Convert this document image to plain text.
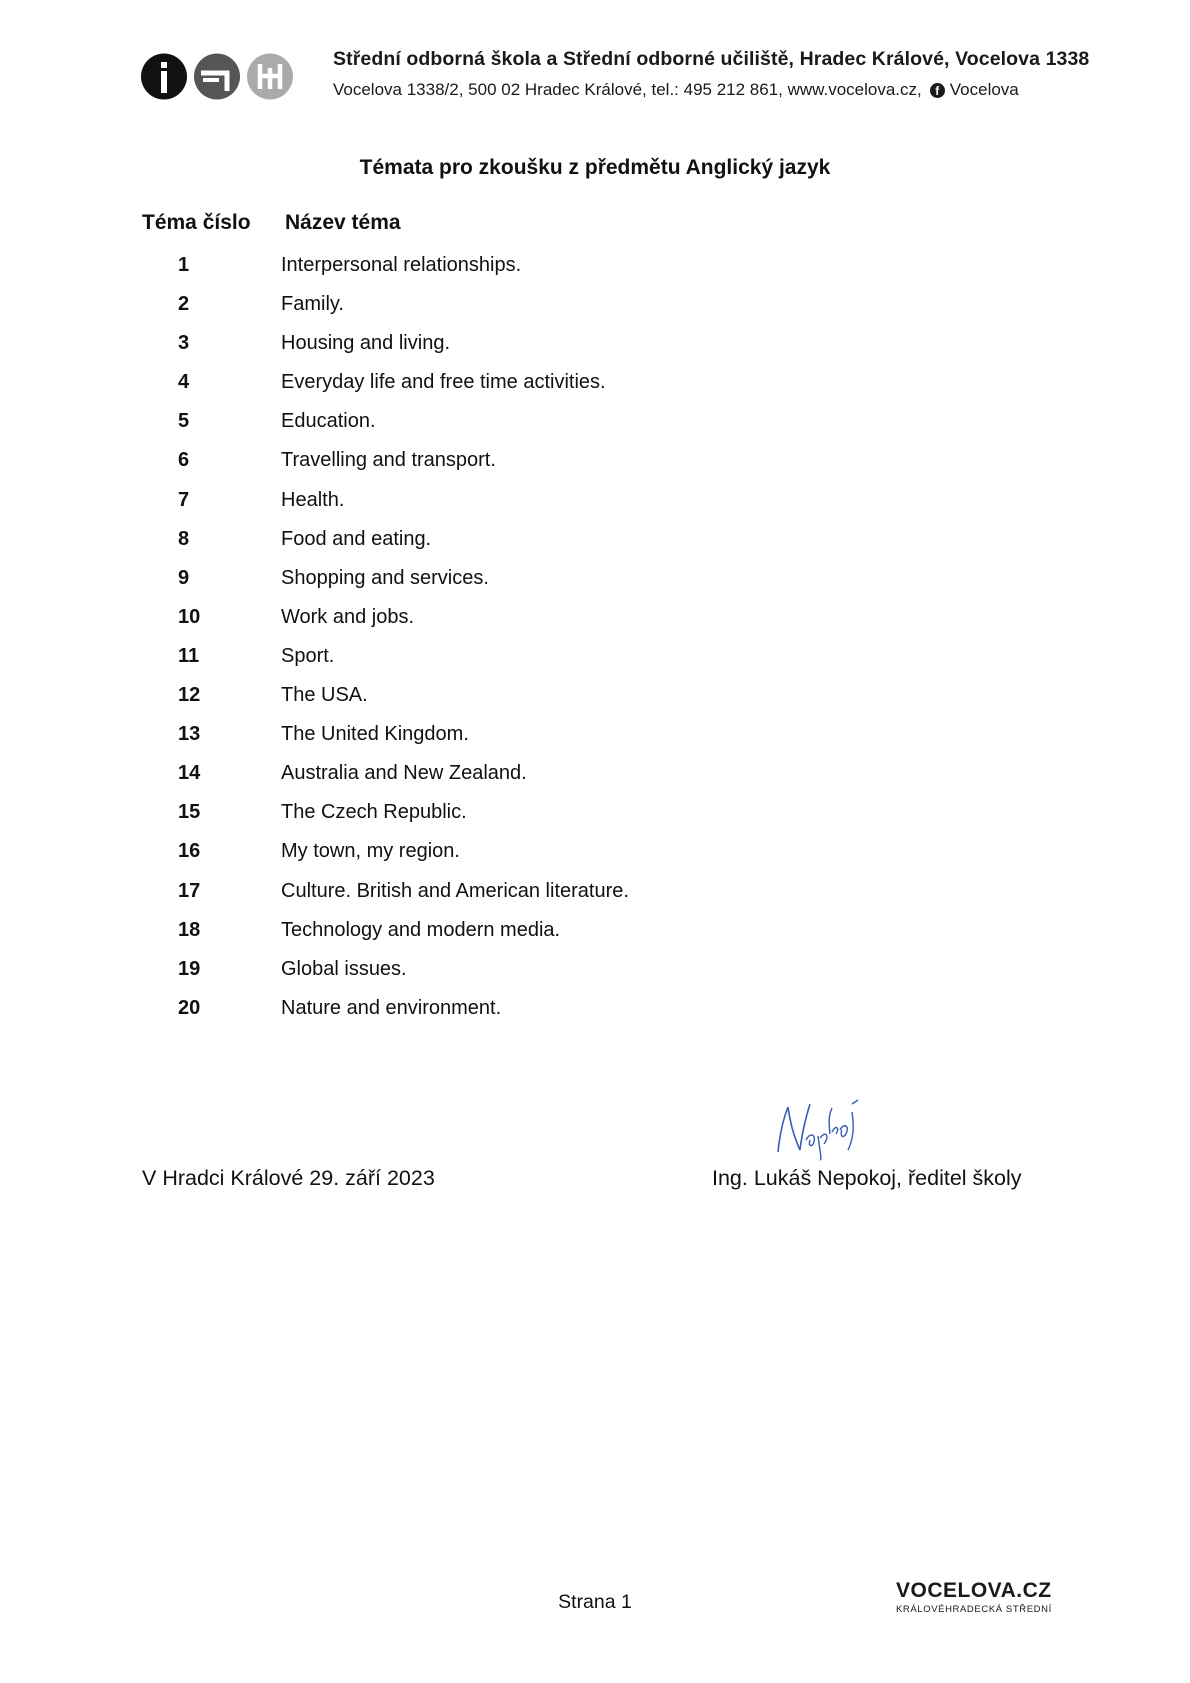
Střední odborná škola a Střední odborné učiliště, Hradec Králové, Vocelova 1338
Vocelova 1338/2, 500 02 Hradec Králové, tel.: 495 212 861, www.vocelova.cz,	f Vocelova
Témata pro zkoušku z předmětu Anglický jazyk
Téma číslo Název téma
1	Interpersonal relationships.
2	Family.
3	Housing and living.
4	Everyday life and free time activities.
5	Education.
6	Travelling and transport.
7	Health.
8	Food and eating.
9	Shopping and services.
10	Work and jobs.
11	Sport.
12	The USA.
13	The United Kingdom.
14	Australia and New Zealand.
15	The Czech Republic.
16	My town, my region.
17	Culture. British and American literature.
18	Technology and modern media.
19	Global issues.
20	Nature and environment.
V Hradci Králové 29. září 2023	Ing. Lukáš Nepokoj, ředitel školy
Strana 1	VOCELOVA.CZ
KRÁLOVÉHRADECKÁ STŘEDNÍ
